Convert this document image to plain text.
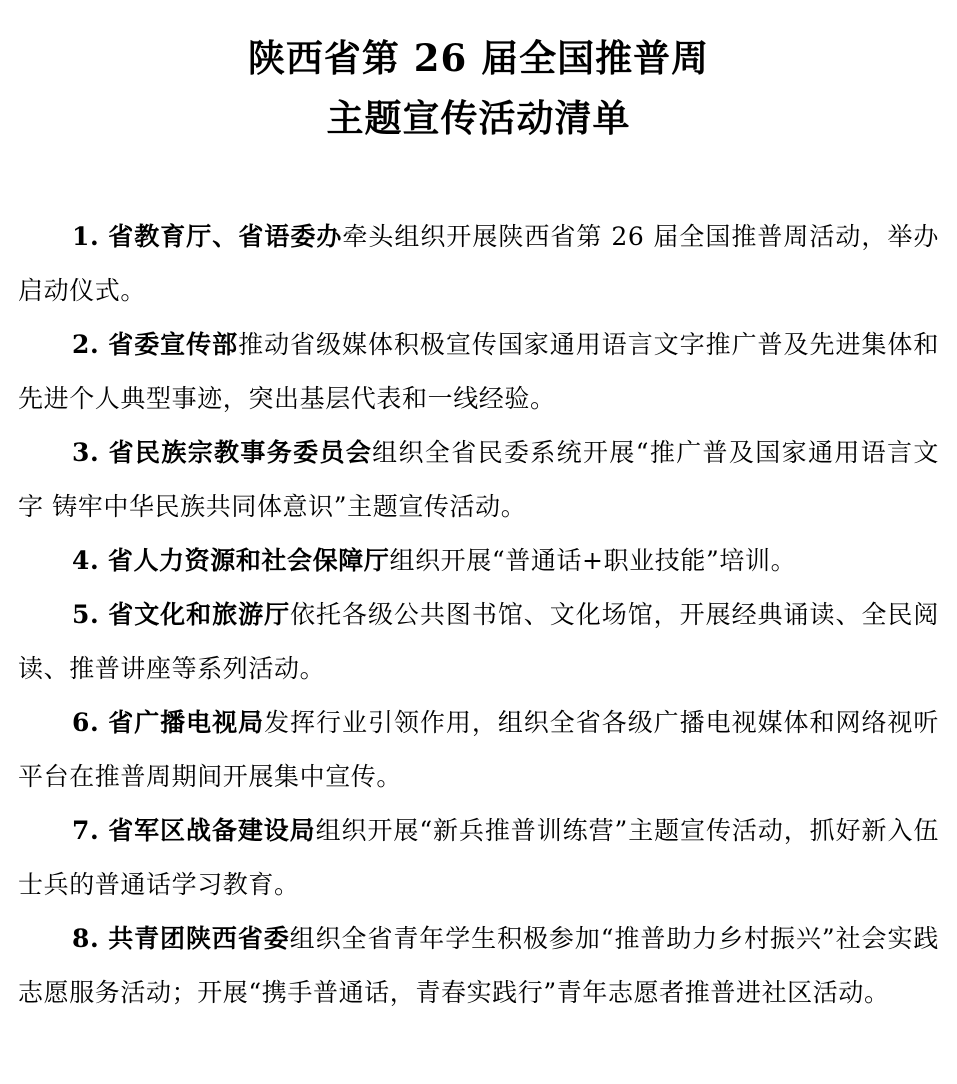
陕西省第 26 届全国推普周
主题宣传活动清单

1. 省教育厅、省语委办牵头组织开展陕西省第 26 届全国推普周活动，举办启动仪式。

2. 省委宣传部推动省级媒体积极宣传国家通用语言文字推广普及先进集体和先进个人典型事迹，突出基层代表和一线经验。

3. 省民族宗教事务委员会组织全省民委系统开展“推广普及国家通用语言文字 铸牢中华民族共同体意识”主题宣传活动。

4. 省人力资源和社会保障厅组织开展“普通话+职业技能”培训。

5. 省文化和旅游厅依托各级公共图书馆、文化场馆，开展经典诵读、全民阅读、推普讲座等系列活动。

6. 省广播电视局发挥行业引领作用，组织全省各级广播电视媒体和网络视听平台在推普周期间开展集中宣传。

7. 省军区战备建设局组织开展“新兵推普训练营”主题宣传活动，抓好新入伍士兵的普通话学习教育。

8. 共青团陕西省委组织全省青年学生积极参加“推普助力乡村振兴”社会实践志愿服务活动；开展“携手普通话，青春实践行”青年志愿者推普进社区活动。
